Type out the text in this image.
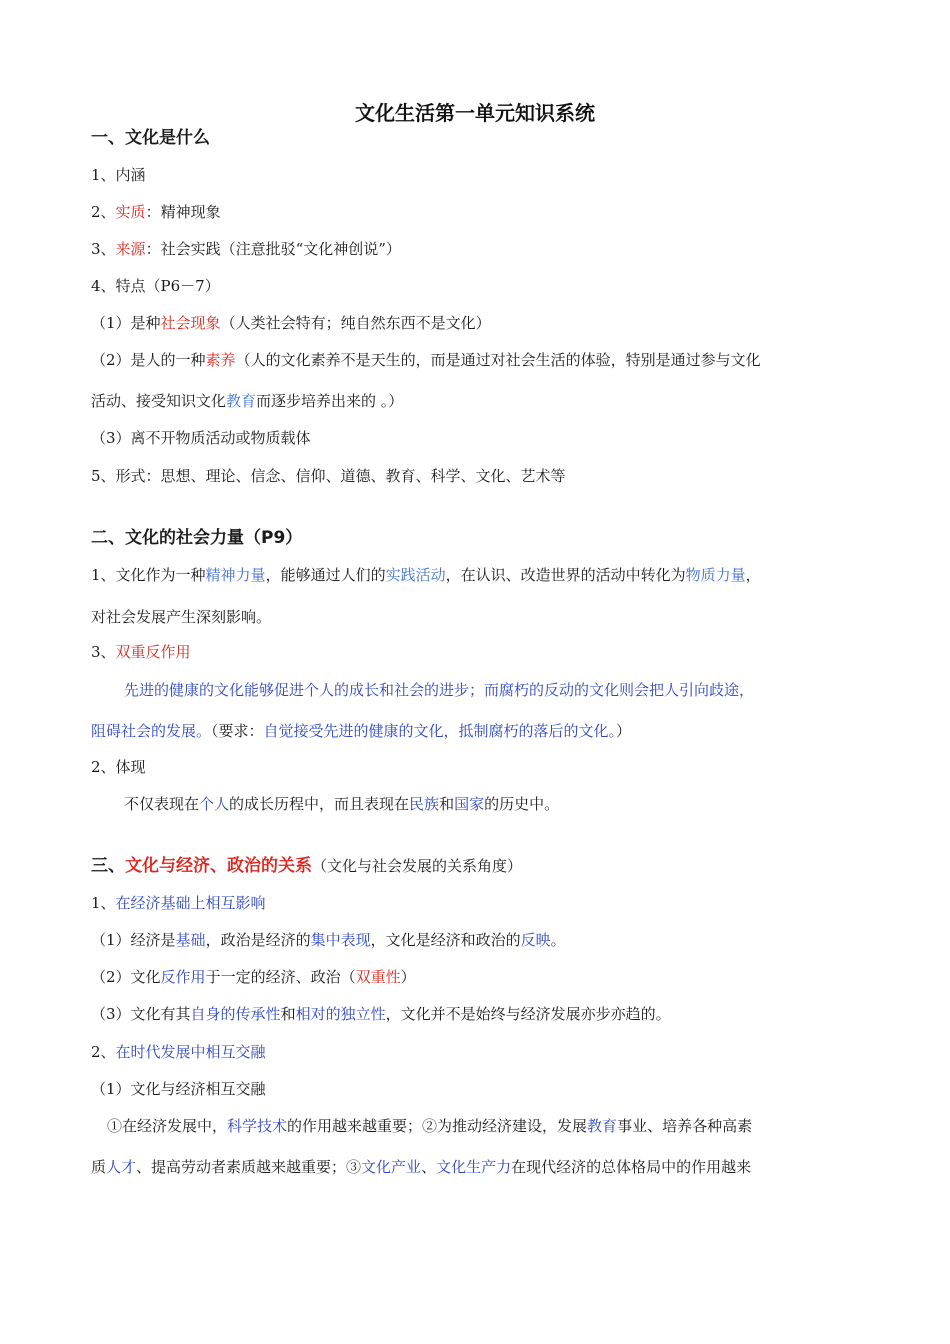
文化生活第一单元知识系统
一、文化是什么
1、内涵
2、实质：精神现象
3、来源：社会实践（注意批驳“文化神创说”）
4、特点（P6－7）
（1）是种社会现象（人类社会特有；纯自然东西不是文化）
（2）是人的一种素养（人的文化素养不是天生的，而是通过对社会生活的体验，特别是通过参与文化
活动、接受知识文化教育而逐步培养出来的 。）
（3）离不开物质活动或物质载体
5、形式：思想、理论、信念、信仰、道德、教育、科学、文化、艺术等
二、文化的社会力量（P9）
1、文化作为一种精神力量，能够通过人们的实践活动，在认识、改造世界的活动中转化为物质力量，
对社会发展产生深刻影响。
3、双重反作用
先进的健康的文化能够促进个人的成长和社会的进步；而腐朽的反动的文化则会把人引向歧途，
阻碍社会的发展。（要求：自觉接受先进的健康的文化，抵制腐朽的落后的文化。）
2、体现
不仅表现在个人的成长历程中，而且表现在民族和国家的历史中。
三、文化与经济、政治的关系（文化与社会发展的关系角度）
1、在经济基础上相互影响
（1）经济是基础，政治是经济的集中表现，文化是经济和政治的反映。
（2）文化反作用于一定的经济、政治（双重性）
（3）文化有其自身的传承性和相对的独立性，文化并不是始终与经济发展亦步亦趋的。
2、在时代发展中相互交融
（1）文化与经济相互交融
①在经济发展中，科学技术的作用越来越重要；②为推动经济建设，发展教育事业、培养各种高素
质人才、提高劳动者素质越来越重要；③文化产业、文化生产力在现代经济的总体格局中的作用越来
